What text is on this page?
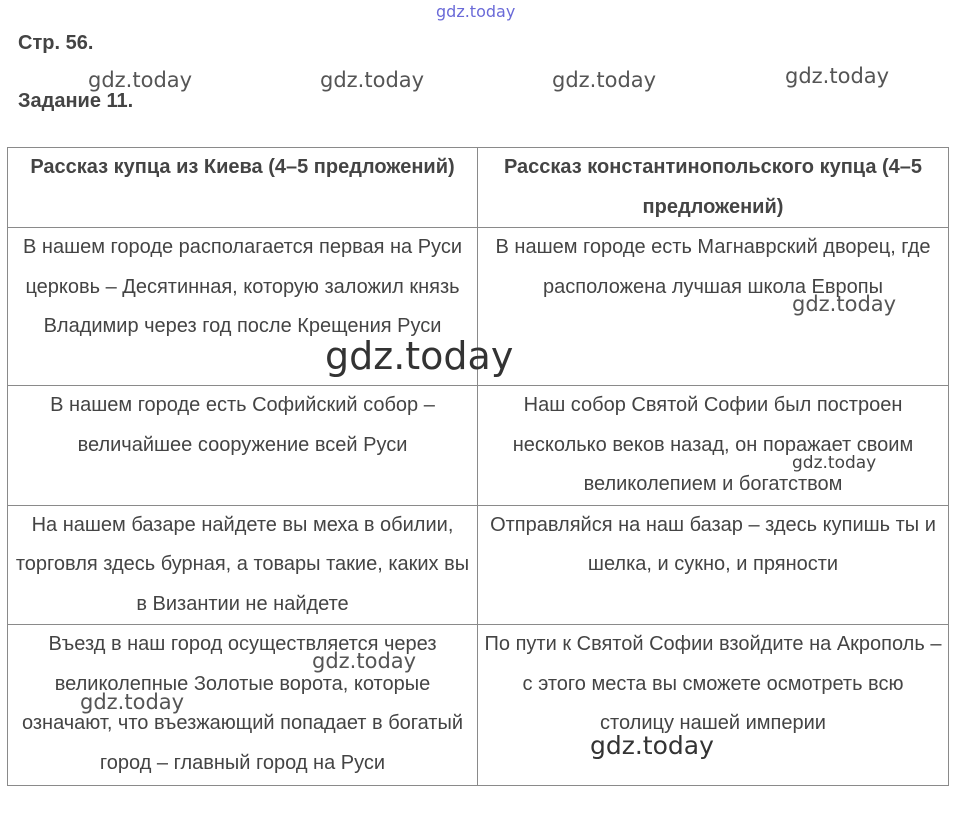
Стр. 56.
Задание 11.
Рассказ купца из Киева (4–5 предложений)	Рассказ константинопольского купца (4–5 предложений)
В нашем городе располагается первая на Руси церковь – Десятинная, которую заложил князь Владимир через год после Крещения Руси	В нашем городе есть Магнаврский дворец, где расположена лучшая школа Европы
В нашем городе есть Софийский собор – величайшее сооружение всей Руси	Наш собор Святой Софии был построен несколько веков назад, он поражает своим великолепием и богатством
На нашем базаре найдете вы меха в обилии, торговля здесь бурная, а товары такие, каких вы в Византии не найдете	Отправляйся на наш базар – здесь купишь ты и шелка, и сукно, и пряности
Въезд в наш город осуществляется через великолепные Золотые ворота, которые означают, что въезжающий попадает в богатый город – главный город на Руси	По пути к Святой Софии взойдите на Акрополь – с этого места вы сможете осмотреть всю столицу нашей империи
gdz.today
gdz.today	gdz.today	gdz.today	gdz.today
gdz.today
gdz.today
gdz.today
gdz.today
gdz.today
gdz.today
